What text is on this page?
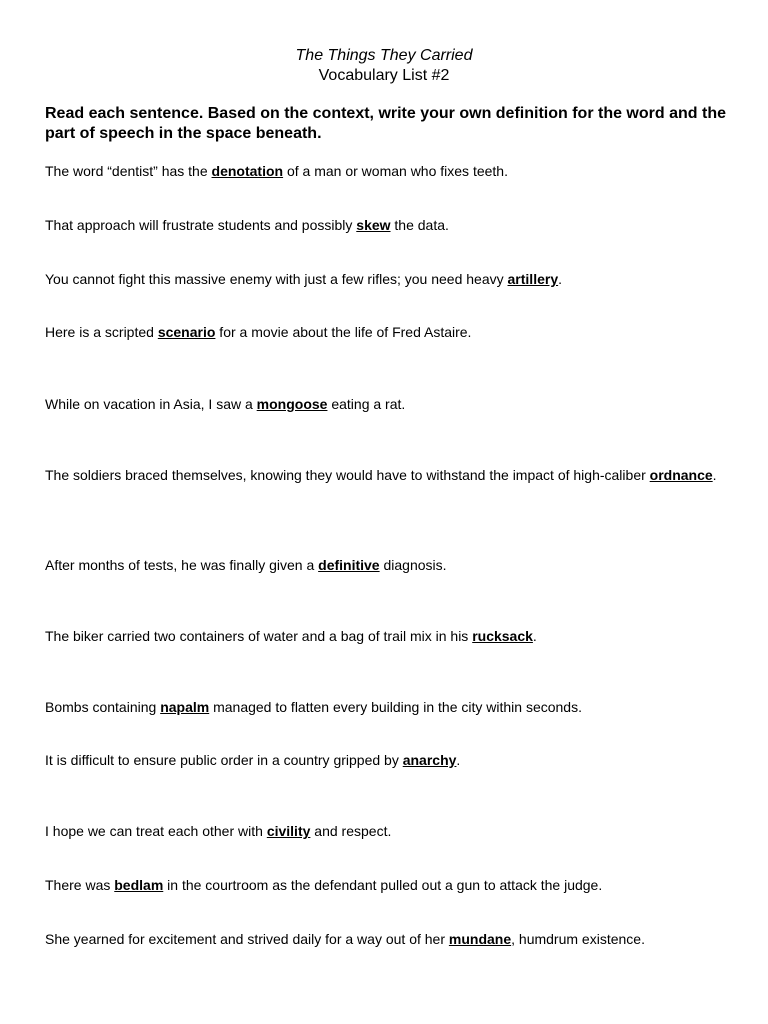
The Things They Carried
Vocabulary List #2
Read each sentence. Based on the context, write your own definition for the word and the part of speech in the space beneath.
The word “dentist” has the denotation of a man or woman who fixes teeth.
That approach will frustrate students and possibly skew the data.
You cannot fight this massive enemy with just a few rifles; you need heavy artillery.
Here is a scripted scenario for a movie about the life of Fred Astaire.
While on vacation in Asia, I saw a mongoose eating a rat.
The soldiers braced themselves, knowing they would have to withstand the impact of high-caliber ordnance.
After months of tests, he was finally given a definitive diagnosis.
The biker carried two containers of water and a bag of trail mix in his rucksack.
Bombs containing napalm managed to flatten every building in the city within seconds.
It is difficult to ensure public order in a country gripped by anarchy.
I hope we can treat each other with civility and respect.
There was bedlam in the courtroom as the defendant pulled out a gun to attack the judge.
She yearned for excitement and strived daily for a way out of her mundane, humdrum existence.
